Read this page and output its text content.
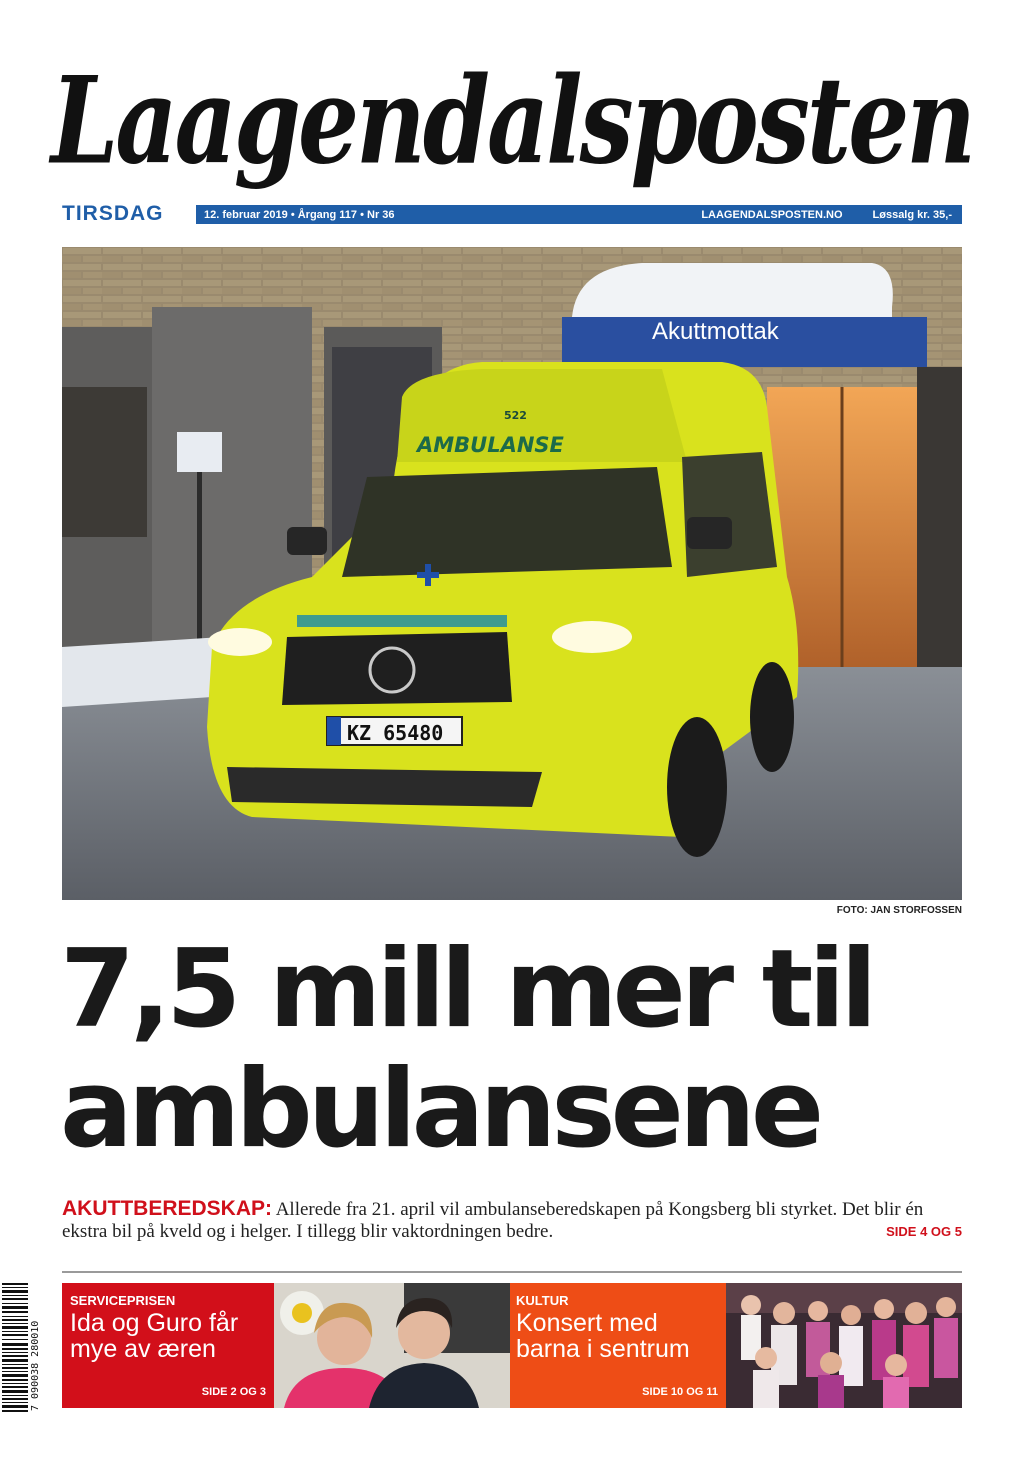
Laagendalsposten
TIRSDAG	12. februar 2019 • Årgang 117 • Nr 36	LAAGENDALSPOSTEN.NO	Løssalg kr. 35,-
Akuttmottak
KZ 65480
AMBULANSE
522
FOTO: JAN STORFOSSEN
7,5 mill mer til
ambulansene
AKUTTBEREDSKAP: Allerede fra 21. april vil ambulanseberedskapen på Kongsberg bli styrket. Det blir én ekstra bil på kveld og i helger. I tillegg blir vaktordningen bedre.	SIDE 4 OG 5
7 090038 280010
SERVICEPRISEN
Ida og Guro får mye av æren
SIDE 2 OG 3
KULTUR
Konsert med barna i sentrum
SIDE 10 OG 11
